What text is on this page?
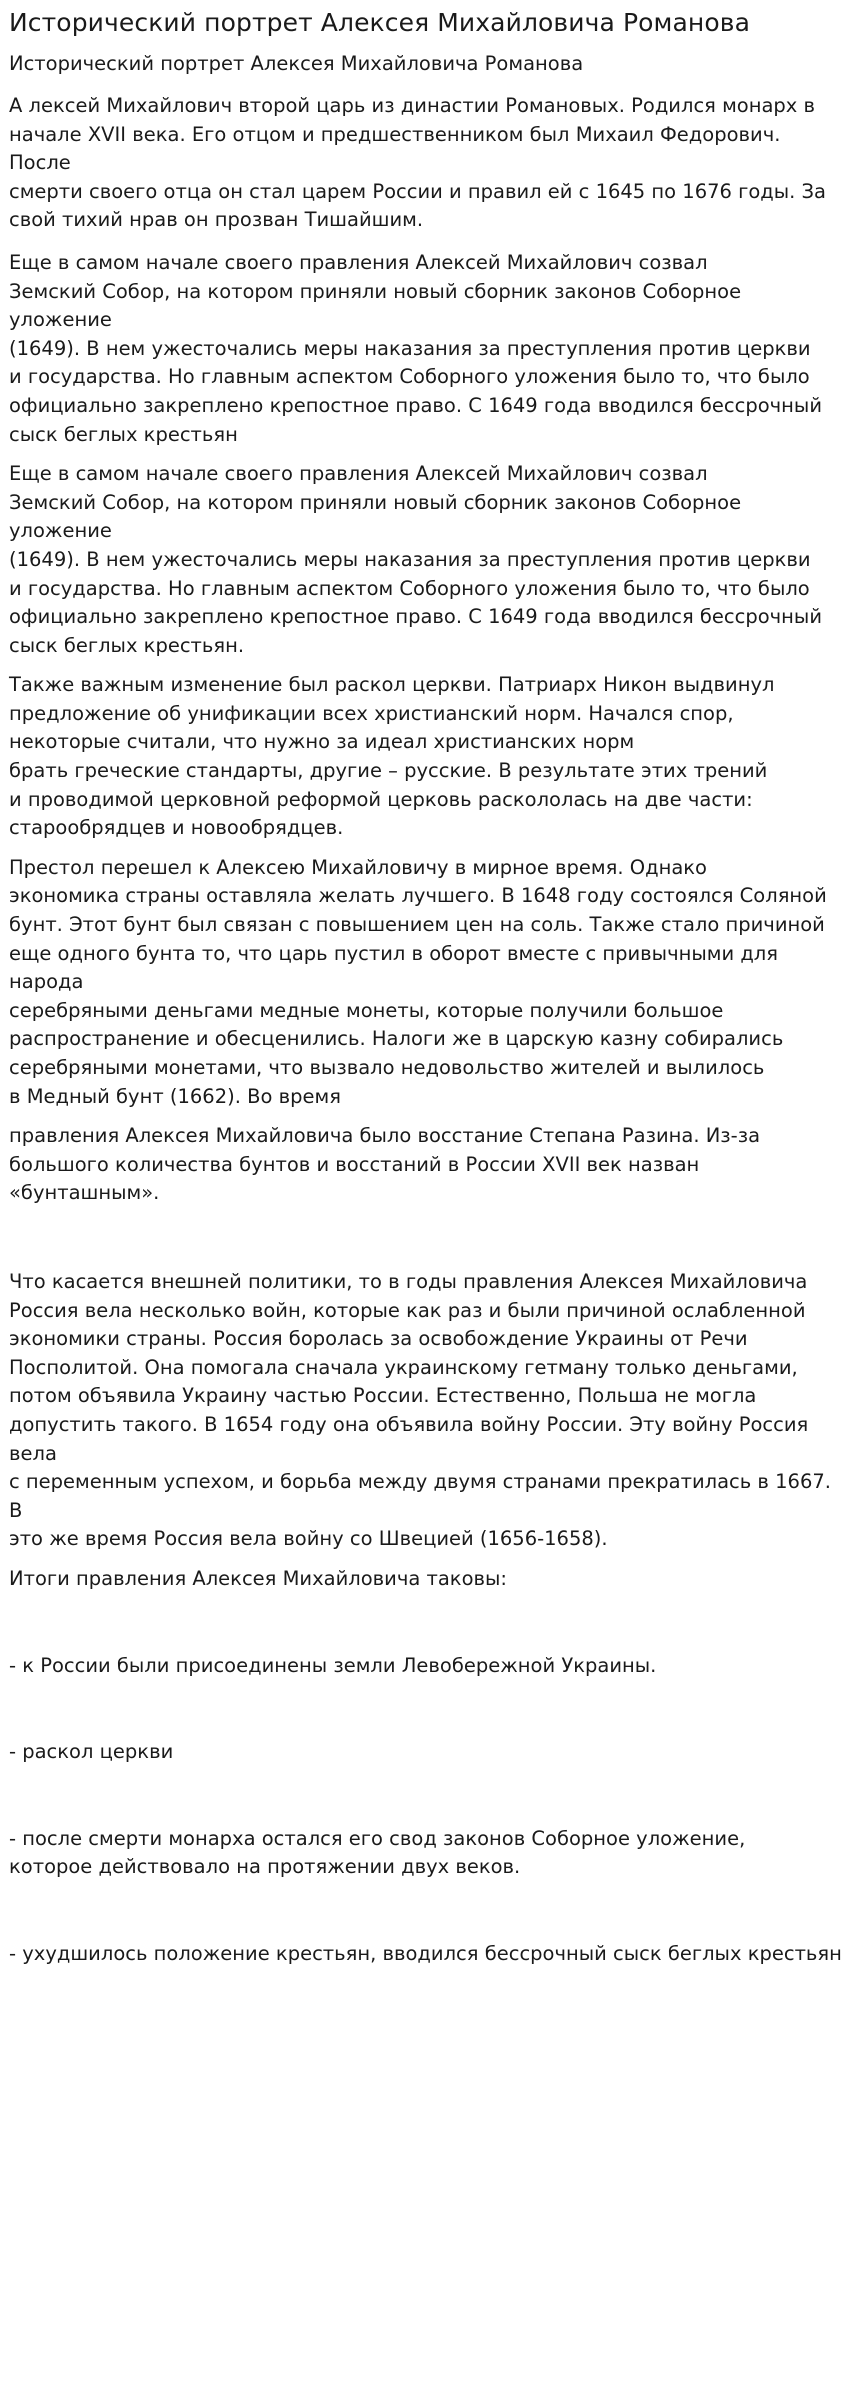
Исторический портрет Алексея Михайловича Романова
Исторический портрет Алексея Михайловича Романова

А лексей Михайлович второй царь из династии Романовых. Родился монарх в
начале XVII века. Его отцом и предшественником был Михаил Федорович. После
смерти своего отца он стал царем России и правил ей с 1645 по 1676 годы. За
свой тихий нрав он прозван Тишайшим.

Еще в самом начале своего правления Алексей Михайлович созвал
Земский Собор, на котором приняли новый сборник законов Соборное уложение
(1649). В нем ужесточались меры наказания за преступления против церкви
и государства. Но главным аспектом Соборного уложения было то, что было
официально закреплено крепостное право. С 1649 года вводился бессрочный
сыск беглых крестьян

Еще в самом начале своего правления Алексей Михайлович созвал
Земский Собор, на котором приняли новый сборник законов Соборное уложение
(1649). В нем ужесточались меры наказания за преступления против церкви
и государства. Но главным аспектом Соборного уложения было то, что было
официально закреплено крепостное право. С 1649 года вводился бессрочный
сыск беглых крестьян.

Также важным изменение был раскол церкви. Патриарх Никон выдвинул
предложение об унификации всех христианский норм. Начался спор,
некоторые считали, что нужно за идеал христианских норм
брать греческие стандарты, другие – русские. В результате этих трений
и проводимой церковной реформой церковь раскололась на две части:
старообрядцев и новообрядцев.

Престол перешел к Алексею Михайловичу в мирное время. Однако
экономика страны оставляла желать лучшего. В 1648 году состоялся Соляной
бунт. Этот бунт был связан с повышением цен на соль. Также стало причиной
еще одного бунта то, что царь пустил в оборот вместе с привычными для народа
серебряными деньгами медные монеты, которые получили большое
распространение и обесценились. Налоги же в царскую казну собирались
серебряными монетами, что вызвало недовольство жителей и вылилось
в Медный бунт (1662). Во время

правления Алексея Михайловича было восстание Степана Разина. Из-за
большого количества бунтов и восстаний в России XVII век назван «бунташным».

Что касается внешней политики, то в годы правления Алексея Михайловича
Россия вела несколько войн, которые как раз и были причиной ослабленной
экономики страны. Россия боролась за освобождение Украины от Речи
Посполитой. Она помогала сначала украинскому гетману только деньгами,
потом объявила Украину частью России. Естественно, Польша не могла
допустить такого. В 1654 году она объявила войну России. Эту войну Россия вела
с переменным успехом, и борьба между двумя странами прекратилась в 1667. В
это же время Россия вела войну со Швецией (1656-1658).

Итоги правления Алексея Михайловича таковы:

- к России были присоединены земли Левобережной Украины.

- раскол церкви

- после смерти монарха остался его свод законов Соборное уложение,
которое действовало на протяжении двух веков.

- ухудшилось положение крестьян, вводился бессрочный сыск беглых крестьян
